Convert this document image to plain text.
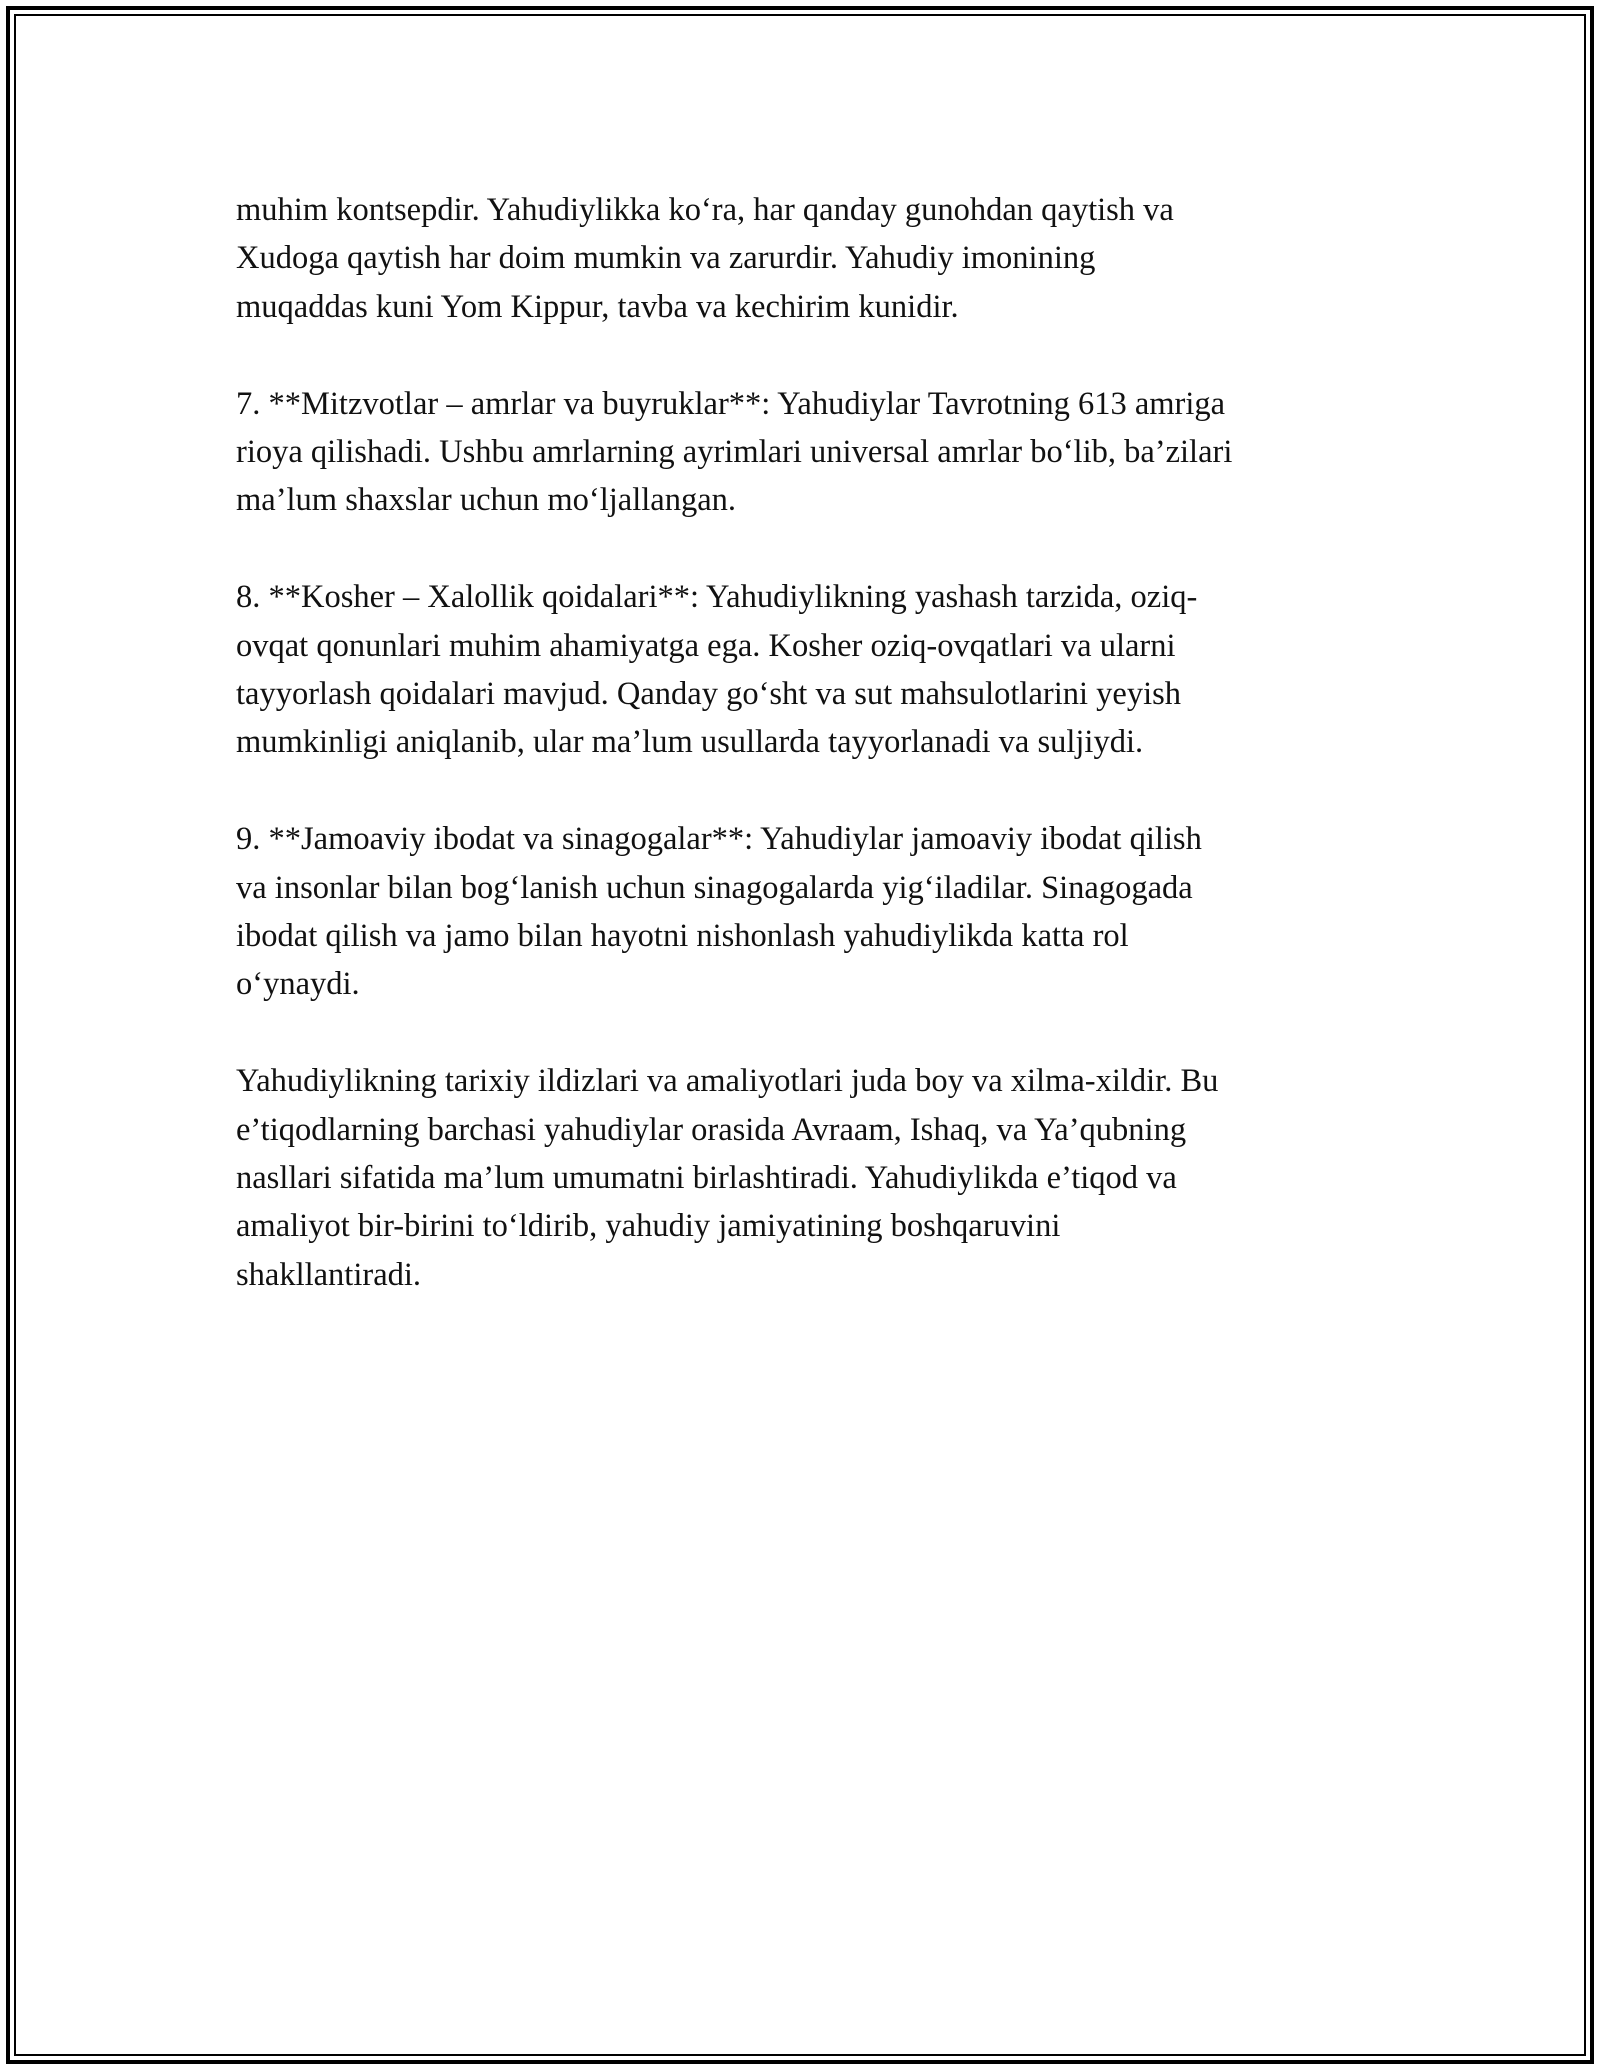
muhim kontsepdir. Yahudiylikka ko‘ra, har qanday gunohdan qaytish va
Xudoga qaytish har doim mumkin va zarurdir. Yahudiy imonining
muqaddas kuni Yom Kippur, tavba va kechirim kunidir.

7. **Mitzvotlar – amrlar va buyruklar**: Yahudiylar Tavrotning 613 amriga
rioya qilishadi. Ushbu amrlarning ayrimlari universal amrlar bo‘lib, ba’zilari
ma’lum shaxslar uchun mo‘ljallangan.

8. **Kosher – Xalollik qoidalari**: Yahudiylikning yashash tarzida, oziq-
ovqat qonunlari muhim ahamiyatga ega. Kosher oziq-ovqatlari va ularni
tayyorlash qoidalari mavjud. Qanday go‘sht va sut mahsulotlarini yeyish
mumkinligi aniqlanib, ular ma’lum usullarda tayyorlanadi va suljiydi.

9. **Jamoaviy ibodat va sinagogalar**: Yahudiylar jamoaviy ibodat qilish
va insonlar bilan bog‘lanish uchun sinagogalarda yig‘iladilar. Sinagogada
ibodat qilish va jamo bilan hayotni nishonlash yahudiylikda katta rol
o‘ynaydi.

Yahudiylikning tarixiy ildizlari va amaliyotlari juda boy va xilma-xildir. Bu
e’tiqodlarning barchasi yahudiylar orasida Avraam, Ishaq, va Ya’qubning
nasllari sifatida ma’lum umumatni birlashtiradi. Yahudiylikda e’tiqod va
amaliyot bir-birini to‘ldirib, yahudiy jamiyatining boshqaruvini
shakllantiradi.
